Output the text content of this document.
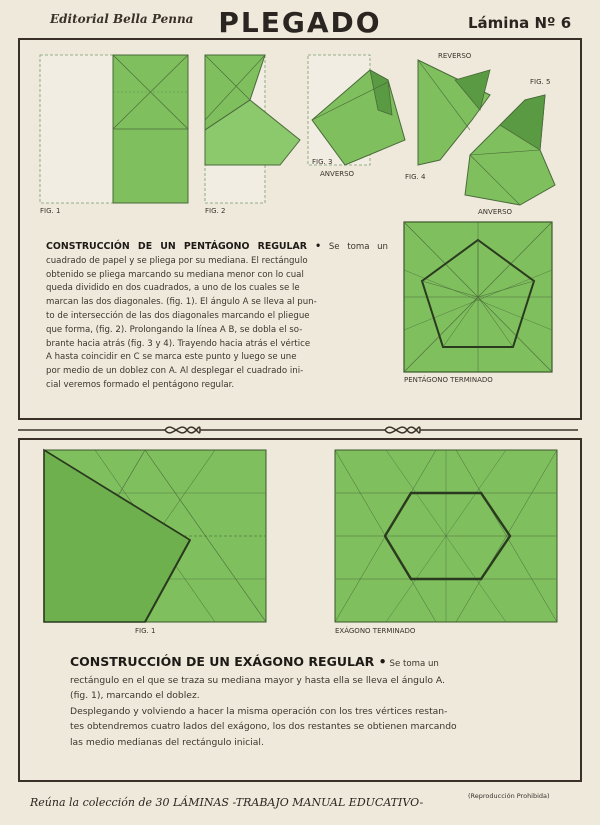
Editorial Bella Penna PLEGADO	Lámina Nº 6
FIG. 1	FIG. 2
FIG. 3
ANVERSO	FIG. 4
REVERSO
FIG. 5
ANVERSO
PENTÁGONO TERMINADO
CONSTRUCCIÓN DE UN PENTÁGONO REGULAR • Se toma un cuadrado de papel y se pliega por su mediana. El rectángulo
obtenido se pliega marcando su mediana menor con lo cual
queda dividido en dos cuadrados, a uno de los cuales se le
marcan las dos diagonales. (fig. 1). El ángulo A se lleva al pun-
to de intersección de las dos diagonales marcando el pliegue
que forma, (fig. 2). Prolongando la línea A B, se dobla el so-
brante hacia atrás (fig. 3 y 4). Trayendo hacia atrás el vértice
A hasta coincidir en C se marca este punto y luego se une
por medio de un doblez con A. Al desplegar el cuadrado ini-
cial veremos formado el pentágono regular.
FIG. 1	EXÁGONO TERMINADO
CONSTRUCCIÓN DE UN EXÁGONO REGULAR • Se toma un
rectángulo en el que se traza su mediana mayor y hasta ella se lleva el ángulo A.
(fig. 1), marcando el doblez.
Desplegando y volviendo a hacer la misma operación con los tres vértices restan-
tes obtendremos cuatro lados del exágono, los dos restantes se obtienen marcando
las medio medianas del rectángulo inicial.
Reúna la colección de 30 LÁMINAS -TRABAJO MANUAL EDUCATIVO-	(Reproducción Prohibida)
